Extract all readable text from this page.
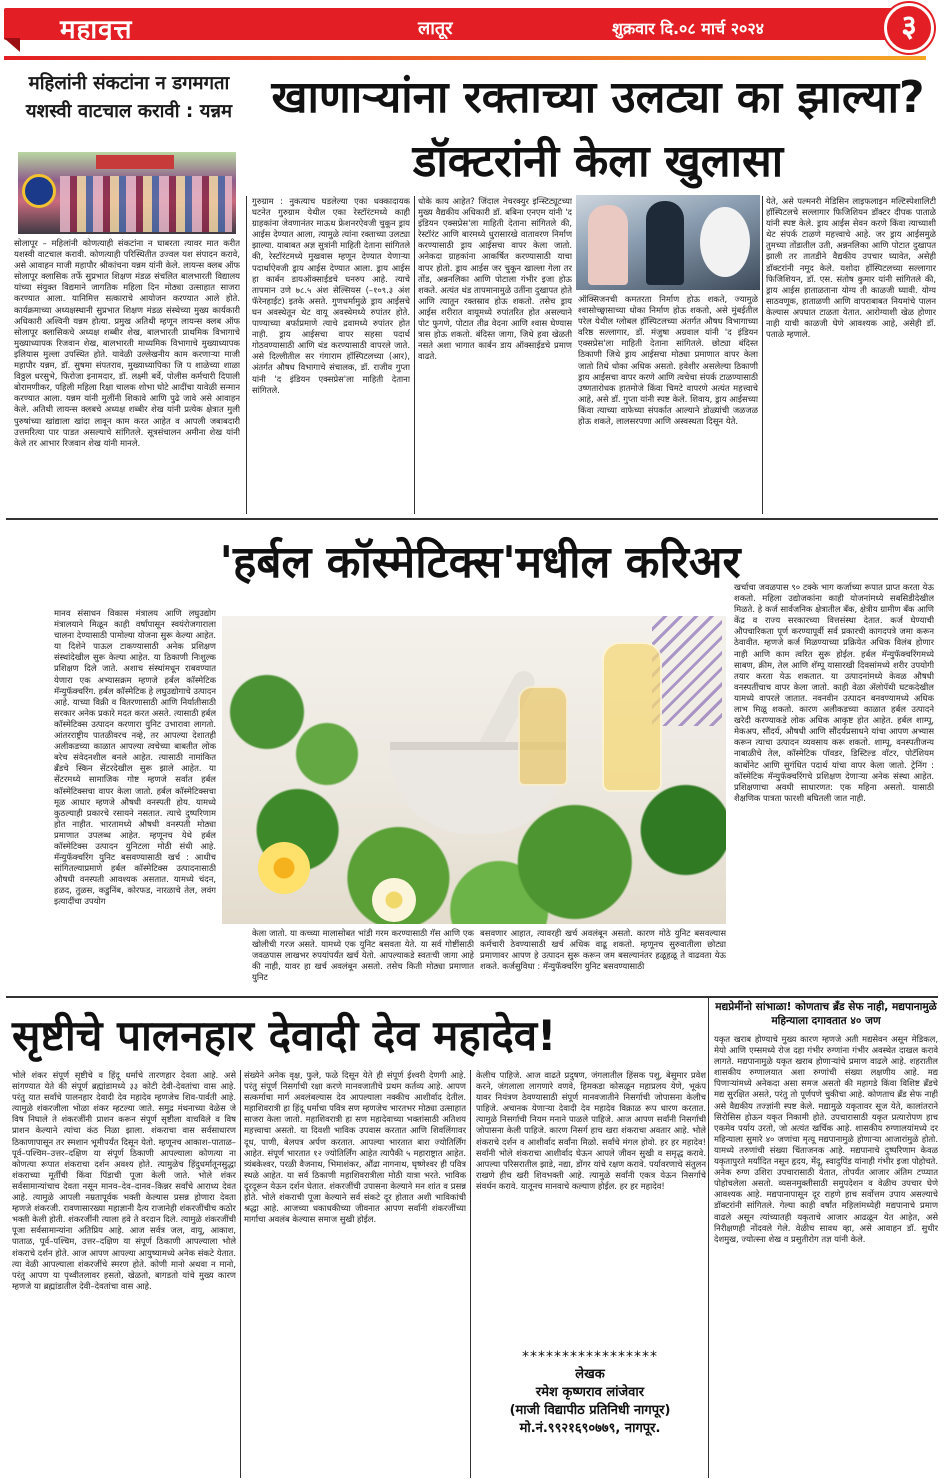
महावृत्त	लातूर	शुक्रवार दि.०८ मार्च २०२४	३
महिलांनी संकटांना न डगमगता यशस्वी वाटचाल करावी : यन्नम
सोलापूर – महिलांनी कोणत्याही संकटांना न घाबरता त्यावर मात करीत यशस्वी वाटचाल करावी. कोणत्याही परिस्थितीत उज्वल यश संपादन करावे, असे आवाहन माजी महापौर श्रीकांचना यन्नम यांनी केले. लायन्स क्लब ऑफ सोलापूर क्लासिक तर्फे सुप्रभात शिक्षण मंडळ संचलित बालभारती विद्यालय यांच्या संयुक्त विद्यमाने जागतिक महिला दिन मोठ्या उत्साहात साजरा करण्यात आला. यानिमित्त सत्काराचे आयोजन करण्यात आले होते. कार्यक्रमाच्या अध्यक्षस्थानी सुप्रभात शिक्षण मंडळ संस्थेच्या मुख्य कार्यकारी अधिकारी अश्विनी यन्नम होत्या. प्रमुख अतिथी म्हणून लायन्स क्लब ऑफ सोलापूर क्लासिकचे अध्यक्ष शब्बीर शेख, बालभारती प्राथमिक विभागाचे मुख्याध्यापक रिजवान शेख, बालभारती माध्यमिक विभागाचे मुख्याध्यापक इलियास मुल्ला उपस्थित होते. यावेळी उल्लेखनीय काम करणाऱ्या माजी महापौर यन्नम, डॉ. सुषमा संपतराव, मुख्याध्यापिका जि प शाळेच्या शाळा विठ्ठल धरसुभे, फिरोजा इनामदार, डॉ. लक्ष्मी बर्वे, पोलीस कर्मचारी दिपाली बोरामणीकर, पहिली महिला रिक्षा चालक शोभा घोटे आदींचा यावेळी सन्मान करण्यात आला. यन्नम यांनी मुलींनी शिकावे आणि पुढे जावे असे आवाहन केले. अतिथी लायन्स क्लबचे अध्यक्ष शब्बीर शेख यांनी प्रत्येक क्षेत्रात मुली पुरुषांच्या खांद्याला खांदा लावून काम करत आहेत व आपली जबाबदारी उत्तमरित्या पार पाडत असल्याचे सांगितले. सूत्रसंचालन अमीना शेख यांनी केले तर आभार रिजवान शेख यांनी मानले.
खाणाऱ्यांना रक्ताच्या उलट्या का झाल्या? डॉक्टरांनी केला खुलासा
गुरुग्राम : नुकत्याच घडलेल्या एका धक्कादायक घटनेत गुरुग्राम येथील एका रेस्टॉरंटमध्ये काही ग्राहकांना जेवणानंतर माऊथ फ्रेशनरऐवजी चुकून ड्राय आईस देण्यात आला, त्यामुळे त्यांना रक्ताच्या उलट्या झाल्या. याबाबत अज्ञ सुत्रांनी माहिती देताना सांगितले की, रेस्टॉरंटमध्ये मुखवास म्हणून देण्यात येणाऱ्या पदार्थाऐवजी ड्राय आईस देण्यात आला. ड्राय आईस हा कार्बन डायऑक्साईडचे घनरुप आहे. त्याचे तापमान उणे ७८.५ अंश सेल्सियस (–१०९.३ अंश फॅरेनहाईट) इतके असते. गुणधर्मामुळे ड्राय आईसचे घन अवस्थेतून थेट वायू अवस्थेमध्ये रुपांतर होते. पाण्याच्या बर्फाप्रमाणे त्याचे द्रवामध्ये रुपांतर होत नाही. ड्राय आईसचा वापर सहसा पदार्थ गोठवण्यासाठी आणि थंड करण्यासाठी वापरले जाते. असे दिल्लीतील सर गंगाराम हॉस्पिटलच्या (आर), अंतर्गत औषध विभागाचे संचालक, डॉ. राजीव गुप्ता यांनी 'द इंडियन एक्सप्रेस'ला माहिती देताना सांगितले.
धोके काय आहेत? जिंदाल नेचरक्युर इन्स्टिट्यूटच्या मुख्य वैद्यकीय अधिकारी डॉ. बबिना एनएम यांनी 'द इंडियन एक्सप्रेस'ला माहिती देताना सांगितले की, रेस्टॉरंट आणि बारमध्ये धुरासारखे वातावरण निर्माण करण्यासाठी ड्राय आईसचा वापर केला जातो. अनेकदा ग्राहकांना आकर्षित करण्यासाठी याचा वापर होतो. ड्राय आईस जर चुकून खाल्ला गेला तर तोंड, अन्ननलिका आणि पोटाला गंभीर इजा होऊ शकते. अत्यंत थंड तापमानामुळे उतींना दुखापत होते आणि त्यातून रक्तस्राव होऊ शकतो. तसेच ड्राय आईस शरीरात वायूमध्ये रुपांतरित होत असल्याने पोट फुगणे, पोटात तीव्र वेदना आणि श्वास घेण्यास त्रास होऊ शकतो. बंदिस्त जागा, जिथे हवा खेळती नसते अशा भागात कार्बन डाय ऑक्साईडचे प्रमाण वाढते.
ऑक्सिजनची कमतरता निर्माण होऊ शकते, ज्यामुळे श्वासोच्छ्वासाच्या धोका निर्माण होऊ शकतो, असे मुंबईतील परेल येथील ग्लोबल हॉस्पिटलच्या अंतर्गत औषध विभागाच्या वरिष्ठ सल्लागार, डॉ. मंजुषा अग्रवाल यांनी 'द इंडियन एक्सप्रेस'ला माहिती देताना सांगितले. छोट्या बंदिस्त ठिकाणी जिथे ड्राय आईसचा मोठ्या प्रमाणात वापर केला जातो तिथे धोका अधिक असतो. हवेशीर असलेल्या ठिकाणी ड्राय आईसचा वापर करणे आणि त्वचेचा संपर्क टाळण्यासाठी उष्णतारोधक हातमोजे किंवा चिमटे वापरणे अत्यंत महत्त्वाचे आहे, असे डॉ. गुप्ता यांनी स्पष्ट केले. शिवाय, ड्राय आईसच्या किंवा त्याच्या वाफेच्या संपर्कात आल्याने डोळ्यांची जळजळ होऊ शकते, लालसरपणा आणि अस्वस्थता दिसून येते.
येते, असे पल्मनरी मेडिसिन लाइफलाइन मल्टिस्पेशालिटी हॉस्पिटलचे सल्लागार फिजिशियन डॉक्टर दीपक पाताळे यांनी स्पष्ट केले. ड्राय आईस सेवन करणे किंवा त्याच्याशी थेट संपर्क टाळणे महत्त्वाचे आहे. जर ड्राय आईसमुळे तुमच्या तोंडातील उती, अन्ननलिका आणि पोटात दुखापत झाली तर तातडीने वैद्यकीय उपचार घ्यावेत, असेही डॉक्टरांनी नमूद केले. यशोदा हॉस्पिटलच्या सल्लागार फिजिशियन, डॉ. एस. संतोष कुमार यांनी सांगितले की, ड्राय आईस हाताळताना योग्य ती काळजी घ्यावी. योग्य साठवणूक, हाताळणी आणि वापराबाबत नियमांचे पालन केल्यास अपघात टाळता येतात. आरोग्याशी खेळ होणार नाही याची काळजी घेणे आवश्यक आहे, असेही डॉ. पताळे म्हणाले.
'हर्बल कॉस्मेटिक्स'मधील करिअर
मानव संसाधन विकास मंत्रालय आणि लघुउद्योग मंत्रालयाने मिळून काही वर्षांपासून स्वयंरोजगाराला चालना देण्यासाठी पामोल्या योजना सुरू केल्या आहेत. या दिशेने पाऊल टाकण्यासाठी अनेक प्रशिक्षण संस्थांदेखील सुरू केल्या आहेत. या ठिकाणी निःशुल्क प्रशिक्षण दिले जाते. अशाच संस्थांमधून राबवण्यात येणारा एक अभ्यासक्रम म्हणजे हर्बल कॉस्मेटिक मॅन्युफॅक्चरिंग. हर्बल कॉस्मेटिक हे लघुउद्योगाचे उत्पादन आहे. याच्या विक्री व वितरणासाठी आणि निर्यातीसाठी सरकार अनेक प्रकारे मदत करत असते. त्यासाठी हर्बल कॉस्मेटिक्स उत्पादन करणारा युनिट उभारावा लागतो. आंतरराष्ट्रीय पातळीवरच नव्हे, तर आपल्या देशातही अलीकडच्या काळात आपल्या त्वचेच्या बाबतीत लोक बरेच संवेदनशील बनले आहेत. त्यासाठी नामांकित ब्रँडचे स्किन सेंटरदेखील सुरू झाले आहेत. या सेंटरमध्ये सामाजिक गोष्ट म्हणजे सर्वात हर्बल कॉस्मेटिक्सचा वापर केला जातो. हर्बल कॉस्मेटिक्सचा मूळ आधार म्हणजे औषधी वनस्पती होय. यामध्ये कुठल्याही प्रकारचे रसायने नसतात. त्याचे दुष्परिणाम होत नाहीत. भारतामध्ये औषधी वनस्पती मोठ्या प्रमाणात उपलब्ध आहेत. म्हणूनच येथे हर्बल कॉस्मेटिक्स उत्पादन युनिटला मोठी संधी आहे. मॅन्युफॅक्चरिंग युनिट बसवण्यासाठी खर्च : आधीच सांगितल्याप्रमाणे हर्बल कॉस्मेटिक्स उत्पादनासाठी औषधी वनस्पती आवश्यक असतात. यामध्ये चंदन, हळद, तुळस, कडुनिंब, कोरफड, नारळाचे तेल, लवंग इत्यादींचा उपयोग
केला जातो. या कच्च्या मालासोबत भांडी गरम करण्यासाठी गॅस आणि एक खोलीची गरज असते. यामध्ये एक युनिट बसवता येते. या सर्व गोष्टींसाठी जवळपास लाखभर रुपयांपर्यंत खर्च येतो. आपल्याकडे स्वतःची जागा आहे की नाही, यावर हा खर्च अवलंबून असतो. तसेच किती मोठ्या प्रमाणात युनिट
बसवणार आहात, त्यावरही खर्च अवलंबून असतो. कारण मोठे युनिट बसवल्यास कर्मचारी ठेवण्यासाठी खर्च अधिक वाढू शकतो. म्हणूनच सुरुवातीला छोट्या प्रमाणावर आपण हे उत्पादन सुरू करून जम बसल्यानंतर हळूहळू ते वाढवता येऊ शकते. कर्जसुविधा : मॅन्युफॅक्चरिंग युनिट बसवण्यासाठी
खर्चाचा जवळपास ९० टक्के भाग कर्जाच्या रूपात प्राप्त करता येऊ शकतो. महिला उद्योजकांना काही योजनांमध्ये सबसिडीदेखील मिळते. हे कर्ज सार्वजनिक क्षेत्रातील बँक, क्षेत्रीय ग्रामीण बँक आणि केंद्र व राज्य सरकारच्या वित्तसंस्था देतात. कर्ज घेण्याची औपचारिकता पूर्ण करण्यापूर्वी सर्व प्रकारची कागदपत्रे जमा करून ठेवावीत. म्हणजे कर्ज मिळण्याच्या प्रक्रियेत अधिक विलंब होणार नाही आणि काम त्वरित सुरू होईल. हर्बल मॅन्युफॅक्चरिंगमध्ये साबण, क्रीम, तेल आणि शॅम्पू यासारखी दिवसांमध्ये शरीर उपयोगी तयार करता येऊ शकतात. या उत्पादनांमध्ये केवळ औषधी वनस्पतींचाच वापर केला जातो. काही वेळा ॲलोपॅथी घटकदेखील यामध्ये वापरले जातात. नवनवीन उत्पादन बनवण्यामध्ये अधिक लाभ मिळू शकतो. कारण अलीकडच्या काळात हर्बल उत्पादने खरेदी करण्याकडे लोक अधिक आकृष्ट होत आहेत. हर्बल शाम्पू, मेकअप, सौंदर्य, औषधी आणि सौंदर्यप्रसाधने यांचा आपण अभ्यास करून त्याचा उत्पादन व्यवसाय करू शकतो. शाम्पू, वनस्पतीजन्य नाबाळीचे तेल, कॉस्मेटिक पॉवडर, डिस्टिल्ड वॉटर, पोटॅशियम कार्बोनेट आणि सुगंधित पदार्थ यांचा वापर केला जातो. ट्रेनिंग : कॉस्मेटिक मॅन्युफॅक्चरिंगचे प्रशिक्षण देणाऱ्या अनेक संस्था आहेत. प्रशिक्षणाचा अवधी साधारणत: एक महिना असतो. यासाठी शैक्षणिक पात्रता फारशी बघितली जात नाही.
सृष्टीचे पालनहार देवादी देव महादेव!
भोले शंकर संपूर्ण सृष्टीचे व हिंदू धर्माचे तारणहार देवता आहे. असे सांगण्यात येते की संपूर्ण ब्रह्मांडामध्ये ३३ कोटी देवी-देवतांचा वास आहे. परंतु यात सर्वांचे पालनहार देवादी देव महादेव म्हणजेच शिव-पार्वती आहे. त्यामुळे शंकरजीला भोळा शंकर म्हटल्या जाते. समुद्र मंथनाच्या वेळेस जे विष निघाले ते शंकरजींनी प्राशन करून संपूर्ण सृष्टीला वाचविले व विष प्राशन केल्याने त्यांचा कंठ निळा झाला. शंकराचा वास सर्वसाधारण ठिकाणापासून तर स्मशान भूमीपर्यंत दिसून येतो. म्हणूनच आकाश–पाताळ–पूर्व–पश्चिम–उत्तर–दक्षिण या संपूर्ण ठिकाणी आपल्याला कोणत्या ना कोणत्या रूपात शंकराचा दर्शन अवश्य होते. त्यामुळेच हिंदुधर्मातूनसुद्धा शंकराच्या मूर्तींची किंवा पिंडाची पूजा केली जाते. भोले शंकर सर्वसामान्यांचाच देवता नसून मानव–देव–दानव–किन्नर सर्वांचे आराध्य देवत आहे. त्यामुळे आपली नम्रतापूर्वक भक्ती केल्यास प्रसन्न होणारा देवता म्हणजे शंकरजी. रावणासारख्या महाज्ञानी दैत्य राजानेही शंकरजींचीच कठोर भक्ती केली होती. शंकरजींनी त्याला हवे ते वरदान दिले. त्यामुळे शंकरजींची पूजा सर्वसामान्यांना अतिप्रिय आहे. आज सर्वत्र जल, वायू, आकाश, पाताळ, पूर्व–पश्चिम, उत्तर–दक्षिण या संपूर्ण ठिकाणी आपल्याला भोले शंकराचे दर्शन होते. आज आपण आपल्या आयुष्यामध्ये अनेक संकटे येतात. त्या वेळी आपल्याला शंकरजींचे स्मरण होते. कोणी मानो अथवा न मानो, परंतु आपण या पृथ्वीतलावर हसतो, खेळतो, बागडतो यांचे मुख्य कारण म्हणजे या ब्रह्मांडातील देवी–देवतांचा वास आहे.
संख्येने अनेक वृक्ष, फुले, फळे दिसून येते ही संपूर्ण ईश्वरी देणगी आहे. परंतु संपूर्ण निसर्गाची रक्षा करणे मानवजातीचे प्रथम कर्तव्य आहे. आपण सत्कर्माचा मार्ग अवलंबल्यास देव आपल्याला नक्कीच आशीर्वाद देतील. महाशिवरात्री हा हिंदू धर्माचा पवित्र सण म्हणजेच भारतभर मोठ्या उत्साहात साजरा केला जातो. महाशिवरात्री हा सण महादेवाच्या भक्तांसाठी अतिशय महत्त्वाचा असतो. या दिवशी भाविक उपवास करतात आणि शिवलिंगावर दूध, पाणी, बेलपत्र अर्पण करतात. आपल्या भारतात बारा ज्योतिर्लिंग आहेत. संपूर्ण भारतात १२ ज्योतिर्लिंग आहेत त्यापैकी ५ महाराष्ट्रात आहेत. त्र्यंबकेश्वर, परळी वैजनाथ, भिमाशंकर, औंढा नागनाथ, घृष्णेश्वर ही पवित्र स्थळे आहेत. या सर्व ठिकाणी महाशिवरात्रीला मोठी यात्रा भरते. भाविक दूरदूरून येऊन दर्शन घेतात. शंकरजींची उपासना केल्याने मन शांत व प्रसन्न होते. भोले शंकराची पूजा केल्याने सर्व संकटे दूर होतात अशी भाविकांची श्रद्धा आहे. आजच्या धकाधकीच्या जीवनात आपण सर्वांनी शंकरजींच्या मार्गाचा अवलंब केल्यास समाज सुखी होईल.
केलीच पाहिजे. आज वाढते प्रदुषण, जंगलातील हिंसक पशु, बेसुमार प्रवेश करने, जंगलाला लागणारे वणवे, हिमकडा कोसळून महाप्रलय येणे, भूकंप यावर नियंत्रण ठेवण्यासाठी संपूर्ण मानवजातीने निसर्गाची जोपासना केलीच पाहिजे. अचानक येणाऱ्या देवादी देव महादेव विक्राळ रूप धारण करतात. त्यामुळे निसर्गाची नियम मनाने पाळले पाहिजे. आज आपण सर्वांनी निसर्गाची जोपासना केली पाहिजे. कारण निसर्ग हाच खरा शंकराचा अवतार आहे. भोले शंकराचे दर्शन व आशीर्वाद सर्वांना मिळो. सर्वांचे मंगल होवो. हर हर महादेव! सर्वांनी भोले शंकराचा आशीर्वाद घेऊन आपले जीवन सुखी व समृद्ध करावे. आपल्या परिसरातील झाडे, नद्या, डोंगर यांचे रक्षण करावे. पर्यावरणाचे संतुलन राखणे हीच खरी शिवभक्ती आहे. त्यामुळे सर्वांनी एकत्र येऊन निसर्गाचे संवर्धन करावे. यातूनच मानवाचे कल्याण होईल. हर हर महादेव!
*****************
लेखक
रमेश कृष्णराव लांजेवार
(माजी विद्यापीठ प्रतिनिधी नागपूर)
मो.नं.९९२१६९०७७९, नागपूर.
मद्यप्रेमींनो सांभाळा! कोणताच ब्रँड सेफ नाही, मद्यपानामुळे महिन्याला दगावतात ४० जण
यकृत खराब होण्याचे मुख्य कारण म्हणजे अती मद्यसेवन असून मेडिकल, मेयो आणि एम्समध्ये रोज दहा गंभीर रुग्णांना गंभीर अवस्थेत दाखल करावे लागते. मद्यपानामुळे यकृत खराब होणाऱ्यांचे प्रमाण वाढले आहे. शहरातील शासकीय रुग्णालयात अशा रुग्णांची संख्या लक्षणीय आहे. मद्य पिणाऱ्यांमध्ये अनेकदा असा समज असतो की महागडे किंवा विशिष्ट ब्रँडचे मद्य सुरक्षित असते, परंतु तो पूर्णपणे चुकीचा आहे. कोणताच ब्रँड सेफ नाही असे वैद्यकीय तज्ज्ञांनी स्पष्ट केले. मद्यामुळे यकृतावर सूज येते, कालांतराने सिरोसिस होऊन यकृत निकामी होते. उपचारासाठी यकृत प्रत्यारोपण हाच एकमेव पर्याय उरतो, जो अत्यंत खर्चिक आहे. शासकीय रुग्णालयांमध्ये दर महिन्याला सुमारे ४० जणांचा मृत्यू मद्यपानामुळे होणाऱ्या आजारांमुळे होतो. यामध्ये तरुणांची संख्या चिंताजनक आहे. मद्यपानाचे दुष्परिणाम केवळ यकृतापुरते मर्यादित नसून हृदय, मेंदू, स्वादुपिंड यांनाही गंभीर इजा पोहोचते. अनेक रुग्ण उशिरा उपचारासाठी येतात, तोपर्यंत आजार अंतिम टप्प्यात पोहोचलेला असतो. व्यसनमुक्तीसाठी समुपदेशन व वेळीच उपचार घेणे आवश्यक आहे. मद्यपानापासून दूर राहणे हाच सर्वोत्तम उपाय असल्याचे डॉक्टरांनी सांगितले. गेल्या काही वर्षांत महिलांमध्येही मद्यपानाचे प्रमाण वाढले असून त्यांच्यातही यकृताचे आजार आढळून येत आहेत, असे निरीक्षणही नोंदवले गेले. वेळीच सावध व्हा, असे आवाहन डॉ. सुधीर देशमुख, ज्योत्स्ना शेख व प्रसुतीरोग तज्ञ यांनी केले.
